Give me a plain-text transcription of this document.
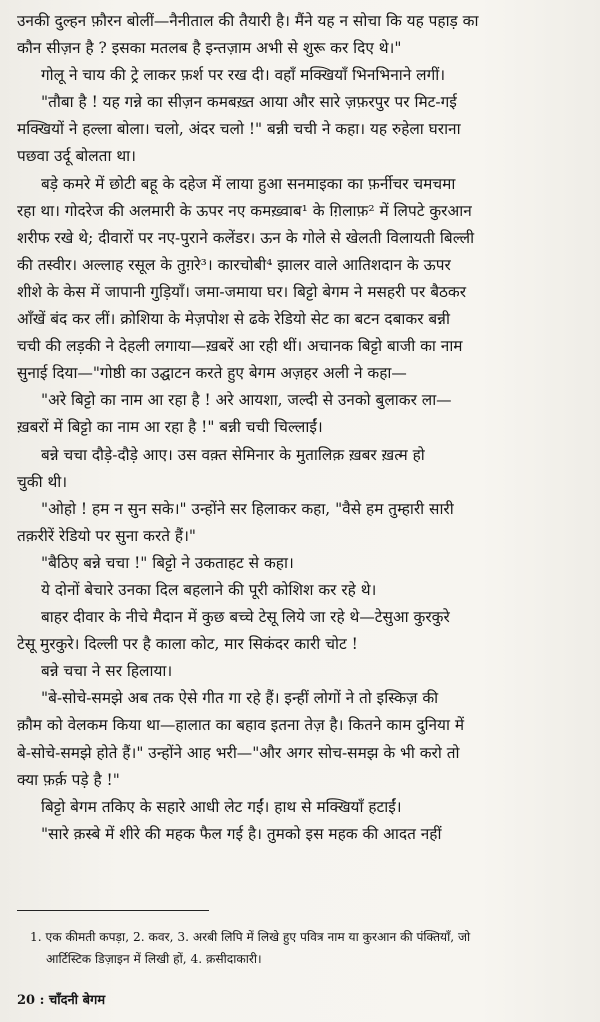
उनकी दुल्हन फ़ौरन बोलीं—नैनीताल की तैयारी है। मैंने यह न सोचा कि यह पहाड़ का
कौन सीज़न है ? इसका मतलब है इन्तज़ाम अभी से शुरू कर दिए थे।"
गोलू ने चाय की ट्रे लाकर फ़र्श पर रख दी। वहाँ मक्खियाँ भिनभिनाने लगीं।
"तौबा है ! यह गन्ने का सीज़न कमबख़्त आया और सारे ज़फ़रपुर पर मिट-गई
मक्खियों ने हल्ला बोला। चलो, अंदर चलो !" बन्नी चची ने कहा। यह रुहेला घराना
पछवा उर्दू बोलता था।
बड़े कमरे में छोटी बहू के दहेज में लाया हुआ सनमाइका का फ़र्नीचर चमचमा
रहा था। गोदरेज की अलमारी के ऊपर नए कमख़्वाब¹ के ग़िलाफ़² में लिपटे कुरआन
शरीफ रखे थे; दीवारों पर नए-पुराने कलेंडर। ऊन के गोले से खेलती विलायती बिल्ली
की तस्वीर। अल्लाह रसूल के तुग़रे³। कारचोबी⁴ झालर वाले आतिशदान के ऊपर
शीशे के केस में जापानी गुड़ियाँ। जमा-जमाया घर। बिट्टो बेगम ने मसहरी पर बैठकर
आँखें बंद कर लीं। क्रोशिया के मेज़पोश से ढके रेडियो सेट का बटन दबाकर बन्नी
चची की लड़की ने देहली लगाया—ख़बरें आ रही थीं। अचानक बिट्टो बाजी का नाम
सुनाई दिया—"गोष्ठी का उद्घाटन करते हुए बेगम अज़हर अली ने कहा—
"अरे बिट्टो का नाम आ रहा है ! अरे आयशा, जल्दी से उनको बुलाकर ला—
ख़बरों में बिट्टो का नाम आ रहा है !" बन्नी चची चिल्लाईं।
बन्ने चचा दौड़े-दौड़े आए। उस वक़्त सेमिनार के मुतालिक़ ख़बर ख़त्म हो
चुकी थी।
"ओहो ! हम न सुन सके।" उन्होंने सर हिलाकर कहा, "वैसे हम तुम्हारी सारी
तक़रीरें रेडियो पर सुना करते हैं।"
"बैठिए बन्ने चचा !" बिट्टो ने उकताहट से कहा।
ये दोनों बेचारे उनका दिल बहलाने की पूरी कोशिश कर रहे थे।
बाहर दीवार के नीचे मैदान में कुछ बच्चे टेसू लिये जा रहे थे—टेसुआ कुरकुरे
टेसू मुरकुरे। दिल्ली पर है काला कोट, मार सिकंदर कारी चोट !
बन्ने चचा ने सर हिलाया।
"बे-सोचे-समझे अब तक ऐसे गीत गा रहे हैं। इन्हीं लोगों ने तो इस्किज़ की
क़ौम को वेलकम किया था—हालात का बहाव इतना तेज़ है। कितने काम दुनिया में
बे-सोचे-समझे होते हैं।" उन्होंने आह भरी—"और अगर सोच-समझ के भी करो तो
क्या फ़र्क़ पड़े है !"
बिट्टो बेगम तकिए के सहारे आधी लेट गईं। हाथ से मक्खियाँ हटाईं।
"सारे क़स्बे में शीरे की महक फैल गई है। तुमको इस महक की आदत नहीं
1. एक कीमती कपड़ा, 2. कवर, 3. अरबी लिपि में लिखे हुए पवित्र नाम या कुरआन की पंक्तियाँ, जो
आर्टिस्टिक डिज़ाइन में लिखी हों, 4. क़सीदाकारी।
20 : चाँदनी बेगम
